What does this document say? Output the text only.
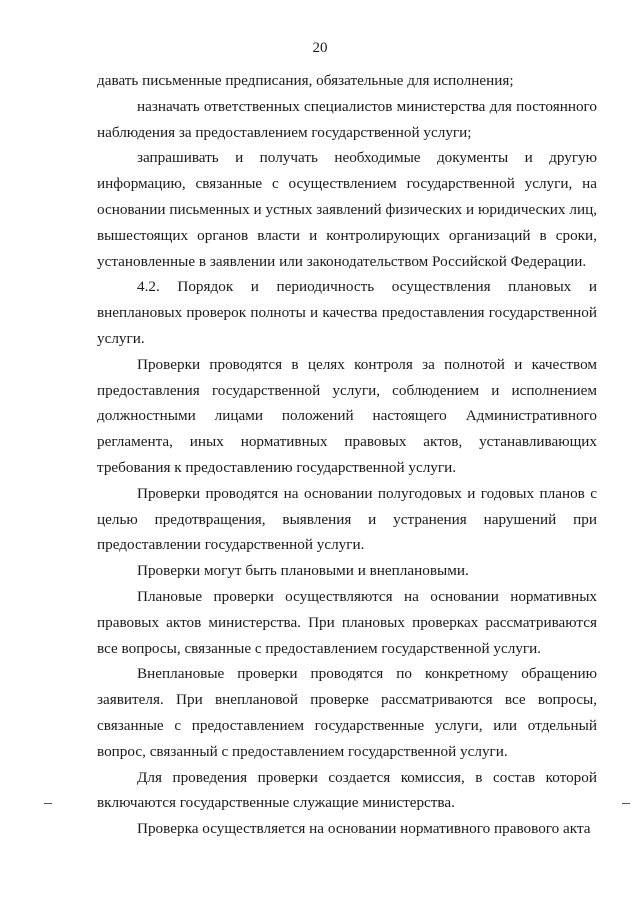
20

давать письменные предписания, обязательные для исполнения;

назначать ответственных специалистов министерства для постоянного наблюдения за предоставлением государственной услуги;

запрашивать и получать необходимые документы и другую информацию, связанные с осуществлением государственной услуги, на основании письменных и устных заявлений физических и юридических лиц, вышестоящих органов власти и контролирующих организаций в сроки, установленные в заявлении или законодательством Российской Федерации.

4.2. Порядок и периодичность осуществления плановых и внеплановых проверок полноты и качества предоставления государственной услуги.

Проверки проводятся в целях контроля за полнотой и качеством предоставления государственной услуги, соблюдением и исполнением должностными лицами положений настоящего Административного регламента, иных нормативных правовых актов, устанавливающих требования к предоставлению государственной услуги.

Проверки проводятся на основании полугодовых и годовых планов с целью предотвращения, выявления и устранения нарушений при предоставлении государственной услуги.

Проверки могут быть плановыми и внеплановыми.

Плановые проверки осуществляются на основании нормативных правовых актов министерства. При плановых проверках рассматриваются все вопросы, связанные с предоставлением государственной услуги.

Внеплановые проверки проводятся по конкретному обращению заявителя. При внеплановой проверке рассматриваются все вопросы, связанные с предоставлением государственные услуги, или отдельный вопрос, связанный с предоставлением государственной услуги.

Для проведения проверки создается комиссия, в состав которой включаются государственные служащие министерства.

Проверка осуществляется на основании нормативного правового акта
